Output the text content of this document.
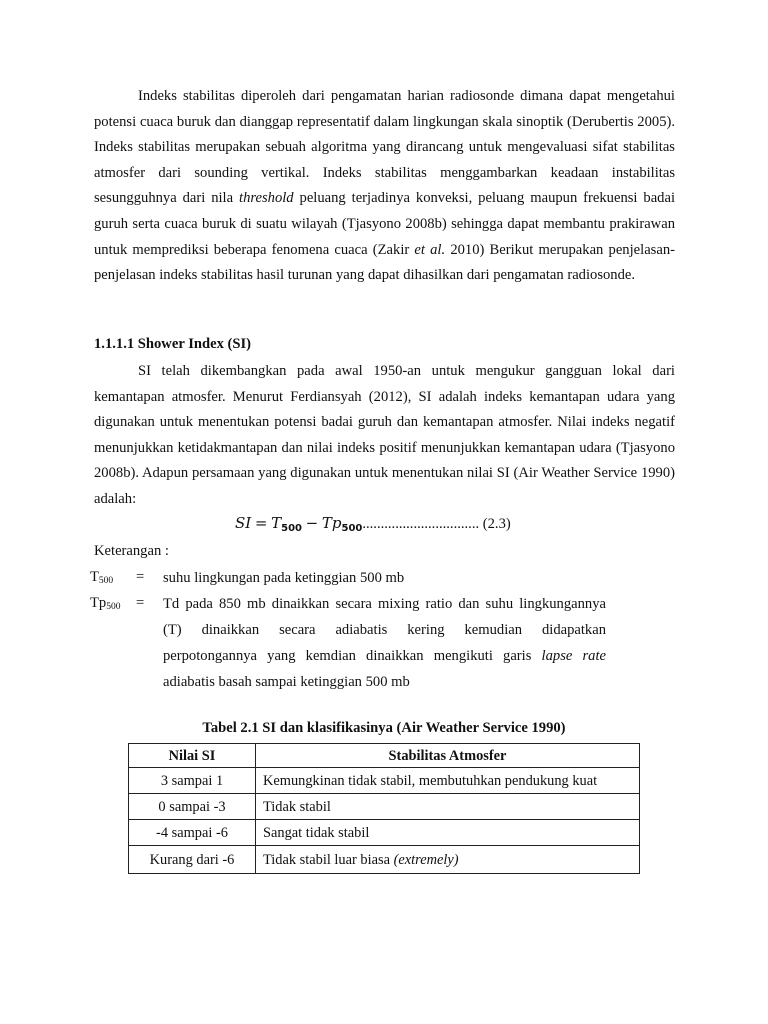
Indeks stabilitas diperoleh dari pengamatan harian radiosonde dimana dapat mengetahui potensi cuaca buruk dan dianggap representatif dalam lingkungan skala sinoptik (Derubertis 2005). Indeks stabilitas merupakan sebuah algoritma yang dirancang untuk mengevaluasi sifat stabilitas atmosfer dari sounding vertikal. Indeks stabilitas menggambarkan keadaan instabilitas sesungguhnya dari nila threshold peluang terjadinya konveksi, peluang maupun frekuensi badai guruh serta cuaca buruk di suatu wilayah (Tjasyono 2008b) sehingga dapat membantu prakirawan untuk memprediksi beberapa fenomena cuaca (Zakir et al. 2010) Berikut merupakan penjelasan-penjelasan indeks stabilitas hasil turunan yang dapat dihasilkan dari pengamatan radiosonde.

1.1.1.1 Shower Index (SI)

SI telah dikembangkan pada awal 1950-an untuk mengukur gangguan lokal dari kemantapan atmosfer. Menurut Ferdiansyah (2012), SI adalah indeks kemantapan udara yang digunakan untuk menentukan potensi badai guruh dan kemantapan atmosfer. Nilai indeks negatif menunjukkan ketidakmantapan dan nilai indeks positif menunjukkan kemantapan udara (Tjasyono 2008b). Adapun persamaan yang digunakan untuk menentukan nilai SI (Air Weather Service 1990) adalah:

SI = $T_{500} - Tp_{500}$................................ (2.3)
Keterangan :
T500 = suhu lingkungan pada ketinggian 500 mb
Tp500 = Td pada 850 mb dinaikkan secara mixing ratio dan suhu lingkungannya
(T) dinaikkan secara adiabatis kering kemudian didapatkan
perpotongannya yang kemdian dinaikkan mengikuti garis lapse rate
adiabatis basah sampai ketinggian 500 mb
Tabel 2.1 SI dan klasifikasinya (Air Weather Service 1990)
Nilai SI	Stabilitas Atmosfer
3 sampai 1	Kemungkinan tidak stabil, membutuhkan pendukung kuat
0 sampai -3	Tidak stabil
-4 sampai -6	Sangat tidak stabil
Kurang dari -6	Tidak stabil luar biasa (extremely)
